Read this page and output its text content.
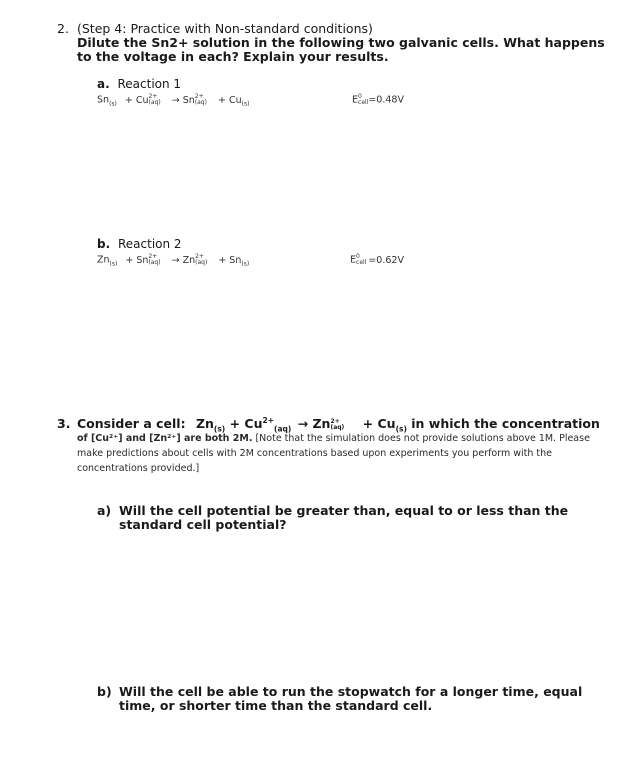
2. (Step 4: Practice with Non-standard conditions)
Dilute the Sn2+ solution in the following two galvanic cells. What happens
to the voltage in each? Explain your results.
a. Reaction 1
$Sn_{(s)} + Cu$ 2+
(aq) → Sn 2+
$(aq) + Cu_{(s)}$	E 0
cell =0.48V
b. Reaction 2
$Zn_{(s)} + Sn$ 2+
(aq) → Zn 2+
$(aq) + Sn_{(s)}$	E 0
cell =0.62V
3. Consider a cell: $Zn_{(s)} + Cu^{2+}_{(aq)} \to Zn$ 2+
$(aq) + Cu_{(s)}$ in which the concentration
of [Cu²⁺] and [Zn²⁺] are both 2M. [Note that the simulation does not provide solutions above 1M. Please
make predictions about cells with 2M concentrations based upon experiments you perform with the
concentrations provided.]
a) Will the cell potential be greater than, equal to or less than the
standard cell potential?
b) Will the cell be able to run the stopwatch for a longer time, equal
time, or shorter time than the standard cell.
